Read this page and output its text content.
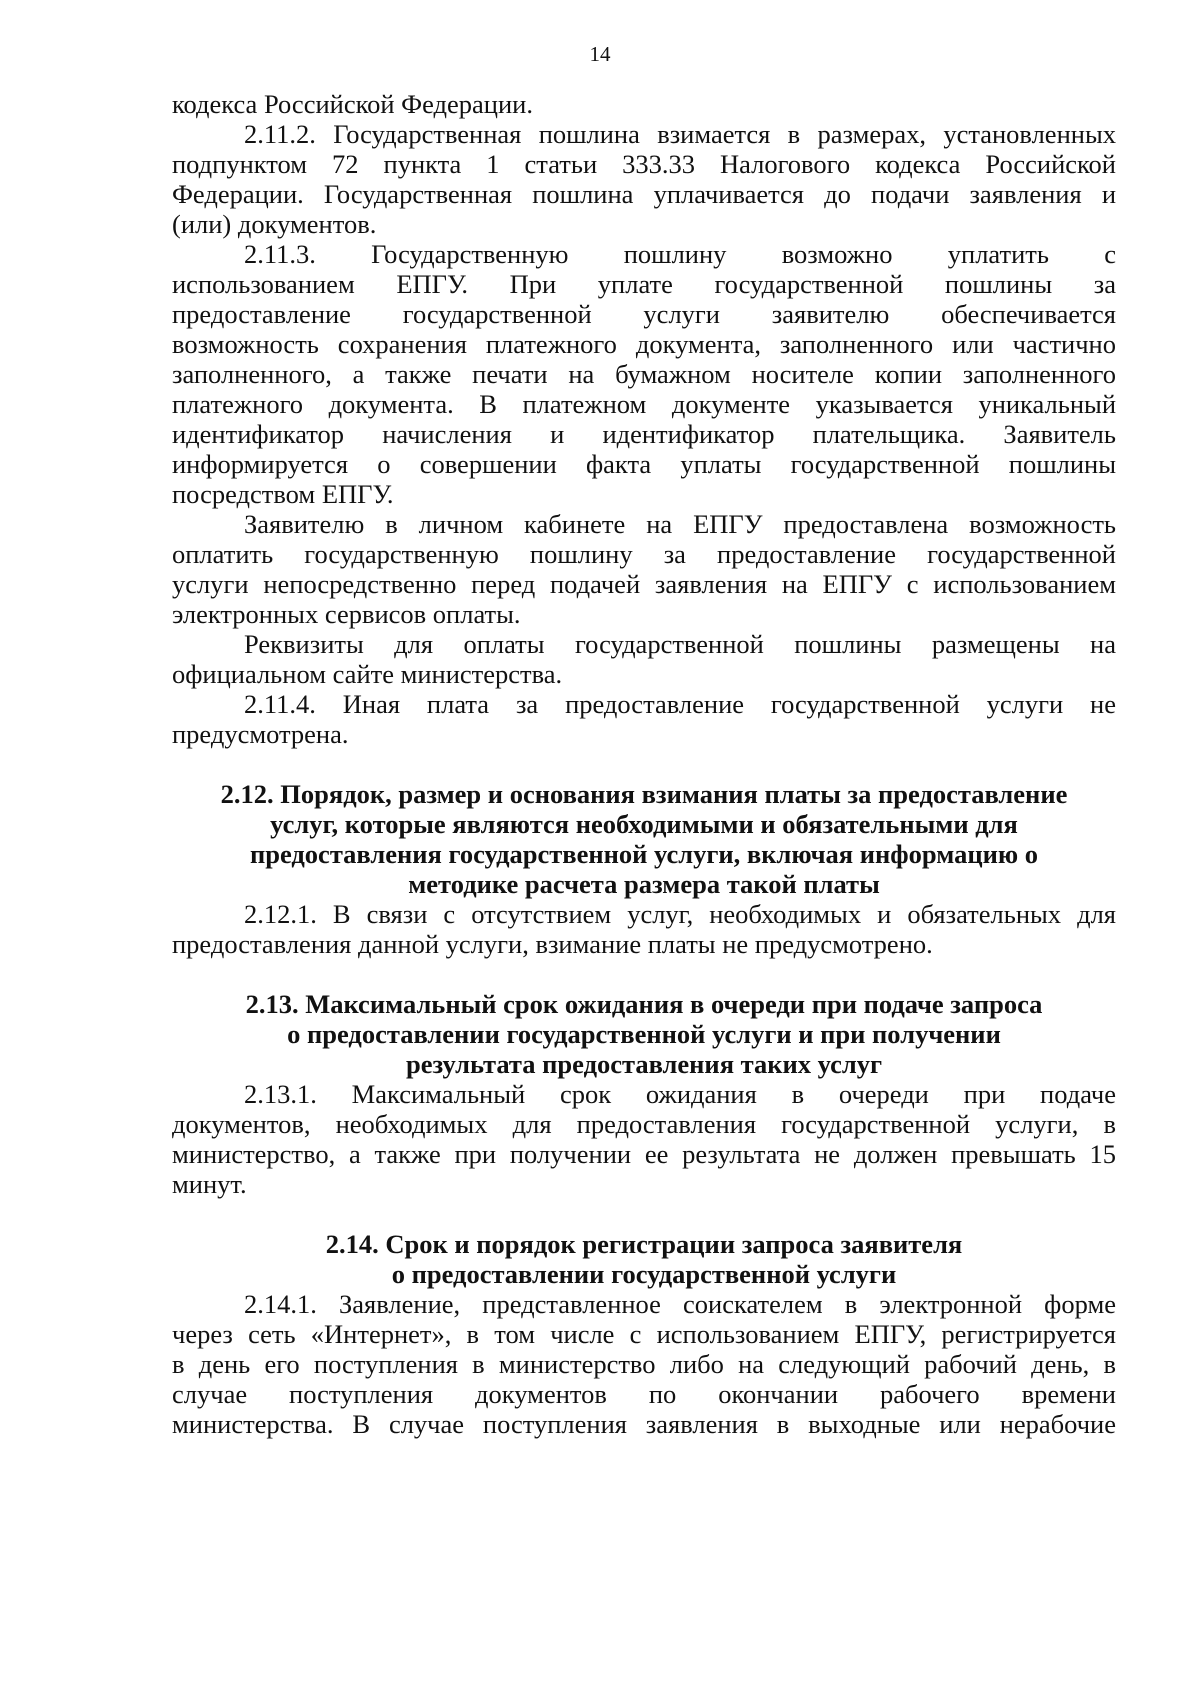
14
кодекса Российской Федерации.
2.11.2. Государственная пошлина взимается в размерах, установленных
подпунктом 72 пункта 1 статьи 333.33 Налогового кодекса Российской
Федерации. Государственная пошлина уплачивается до подачи заявления и
(или) документов.
2.11.3. Государственную пошлину возможно уплатить с
использованием ЕПГУ. При уплате государственной пошлины за
предоставление государственной услуги заявителю обеспечивается
возможность сохранения платежного документа, заполненного или частично
заполненного, а также печати на бумажном носителе копии заполненного
платежного документа. В платежном документе указывается уникальный
идентификатор начисления и идентификатор плательщика. Заявитель
информируется о совершении факта уплаты государственной пошлины
посредством ЕПГУ.
Заявителю в личном кабинете на ЕПГУ предоставлена возможность
оплатить государственную пошлину за предоставление государственной
услуги непосредственно перед подачей заявления на ЕПГУ с использованием
электронных сервисов оплаты.
Реквизиты для оплаты государственной пошлины размещены на
официальном сайте министерства.
2.11.4. Иная плата за предоставление государственной услуги не
предусмотрена.
2.12. Порядок, размер и основания взимания платы за предоставление
услуг, которые являются необходимыми и обязательными для
предоставления государственной услуги, включая информацию о
методике расчета размера такой платы
2.12.1. В связи с отсутствием услуг, необходимых и обязательных для
предоставления данной услуги, взимание платы не предусмотрено.
2.13. Максимальный срок ожидания в очереди при подаче запроса
о предоставлении государственной услуги и при получении
результата предоставления таких услуг
2.13.1. Максимальный срок ожидания в очереди при подаче
документов, необходимых для предоставления государственной услуги, в
министерство, а также при получении ее результата не должен превышать 15
минут.
2.14. Срок и порядок регистрации запроса заявителя
о предоставлении государственной услуги
2.14.1. Заявление, представленное соискателем в электронной форме
через сеть «Интернет», в том числе с использованием ЕПГУ, регистрируется
в день его поступления в министерство либо на следующий рабочий день, в
случае поступления документов по окончании рабочего времени
министерства. В случае поступления заявления в выходные или нерабочие
